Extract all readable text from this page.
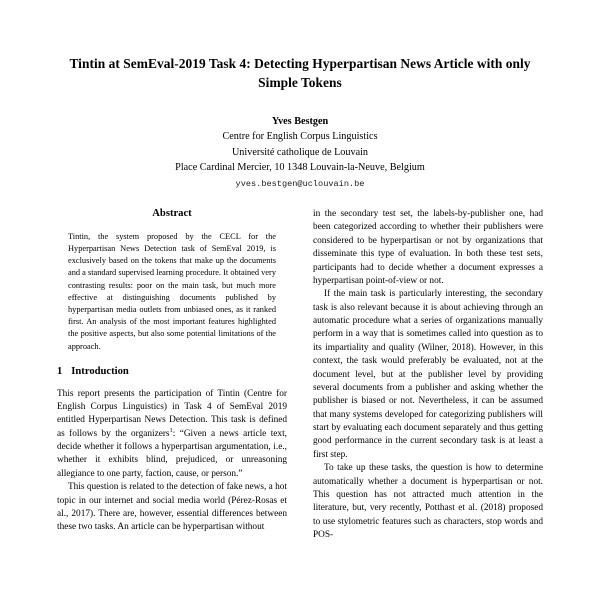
Tintin at SemEval-2019 Task 4: Detecting Hyperpartisan News Article with only Simple Tokens
Yves Bestgen
Centre for English Corpus Linguistics
Université catholique de Louvain
Place Cardinal Mercier, 10 1348 Louvain-la-Neuve, Belgium
yves.bestgen@uclouvain.be
Abstract

Tintin, the system proposed by the CECL for the Hyperpartisan News Detection task of SemEval 2019, is exclusively based on the tokens that make up the documents and a standard supervised learning procedure. It obtained very contrasting results: poor on the main task, but much more effective at distinguishing documents published by hyperpartisan media outlets from unbiased ones, as it ranked first. An analysis of the most important features highlighted the positive aspects, but also some potential limitations of the approach.

1 Introduction

This report presents the participation of Tintin (Centre for English Corpus Linguistics) in Task 4 of SemEval 2019 entitled Hyperpartisan News Detection. This task is defined as follows by the organizers$^1$: “Given a news article text, decide whether it follows a hyperpartisan argumentation, i.e., whether it exhibits blind, prejudiced, or unreasoning allegiance to one party, faction, cause, or person.”

This question is related to the detection of fake news, a hot topic in our internet and social media world (Pérez-Rosas et al., 2017). There are, however, essential differences between these two tasks. An article can be hyperpartisan without

in the secondary test set, the labels-by-publisher one, had been categorized according to whether their publishers were considered to be hyperpartisan or not by organizations that disseminate this type of evaluation. In both these test sets, participants had to decide whether a document expresses a hyperpartisan point-of-view or not.

If the main task is particularly interesting, the secondary task is also relevant because it is about achieving through an automatic procedure what a series of organizations manually perform in a way that is sometimes called into question as to its impartiality and quality (Wilner, 2018). However, in this context, the task would preferably be evaluated, not at the document level, but at the publisher level by providing several documents from a publisher and asking whether the publisher is biased or not. Nevertheless, it can be assumed that many systems developed for categorizing publishers will start by evaluating each document separately and thus getting good performance in the current secondary task is at least a first step.

To take up these tasks, the question is how to determine automatically whether a document is hyperpartisan or not. This question has not attracted much attention in the literature, but, very recently, Potthast et al. (2018) proposed to use stylometric features such as characters, stop words and POS-
